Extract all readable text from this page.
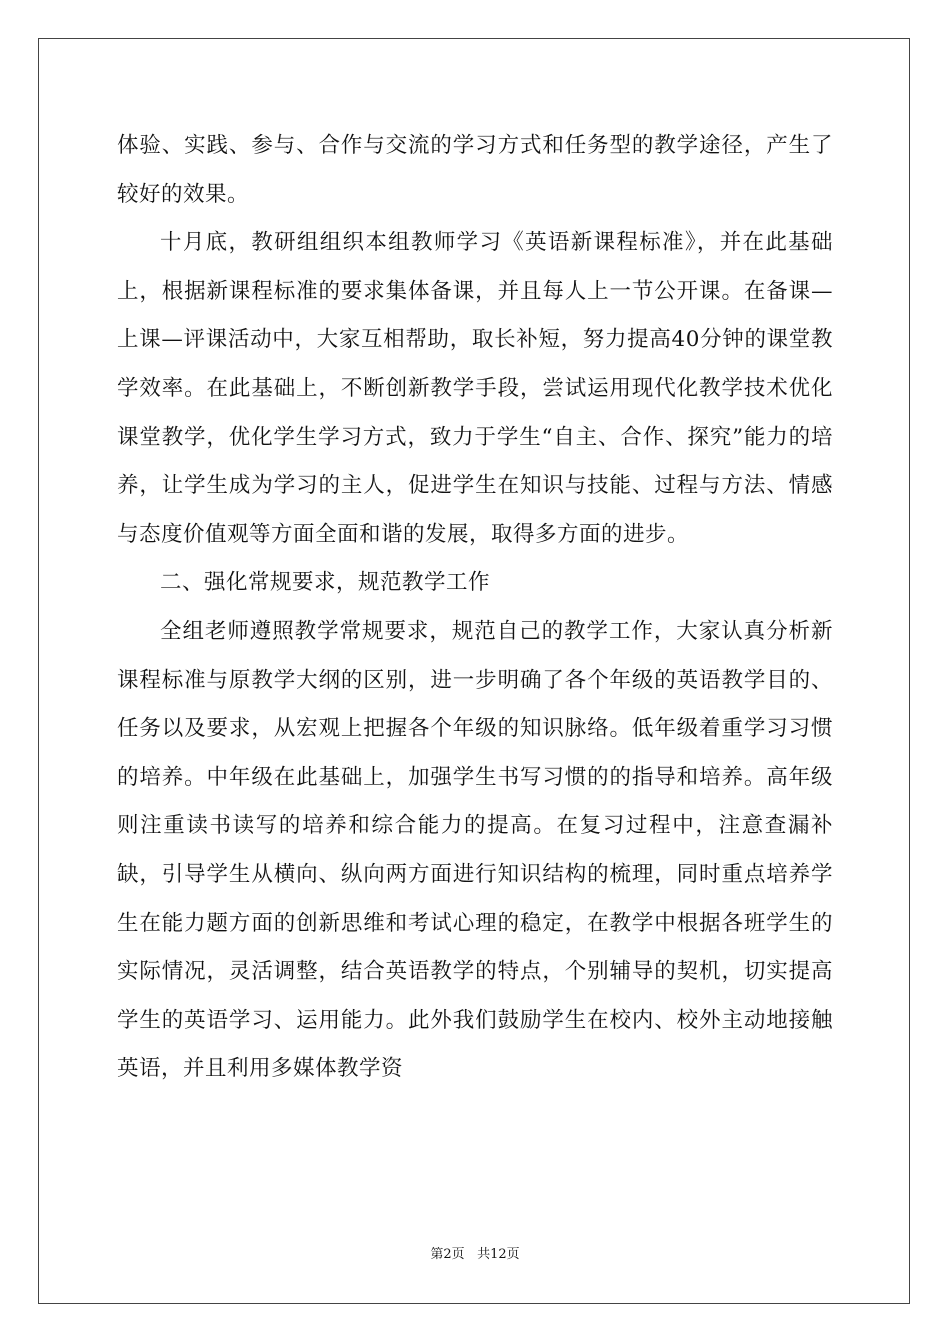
体验、实践、参与、合作与交流的学习方式和任务型的教学途径，产生了较好的效果。

十月底，教研组组织本组教师学习《英语新课程标准》，并在此基础上，根据新课程标准的要求集体备课，并且每人上一节公开课。在备课—上课—评课活动中，大家互相帮助，取长补短，努力提高40分钟的课堂教学效率。在此基础上，不断创新教学手段，尝试运用现代化教学技术优化课堂教学，优化学生学习方式，致力于学生“自主、合作、探究”能力的培养，让学生成为学习的主人，促进学生在知识与技能、过程与方法、情感与态度价值观等方面全面和谐的发展，取得多方面的进步。

二、强化常规要求，规范教学工作

全组老师遵照教学常规要求，规范自己的教学工作，大家认真分析新课程标准与原教学大纲的区别，进一步明确了各个年级的英语教学目的、任务以及要求，从宏观上把握各个年级的知识脉络。低年级着重学习习惯的培养。中年级在此基础上，加强学生书写习惯的的指导和培养。高年级则注重读书读写的培养和综合能力的提高。在复习过程中，注意查漏补缺，引导学生从横向、纵向两方面进行知识结构的梳理，同时重点培养学生在能力题方面的创新思维和考试心理的稳定，在教学中根据各班学生的实际情况，灵活调整，结合英语教学的特点，个别辅导的契机，切实提高学生的英语学习、运用能力。此外我们鼓励学生在校内、校外主动地接触英语，并且利用多媒体教学资

第2页 共12页
